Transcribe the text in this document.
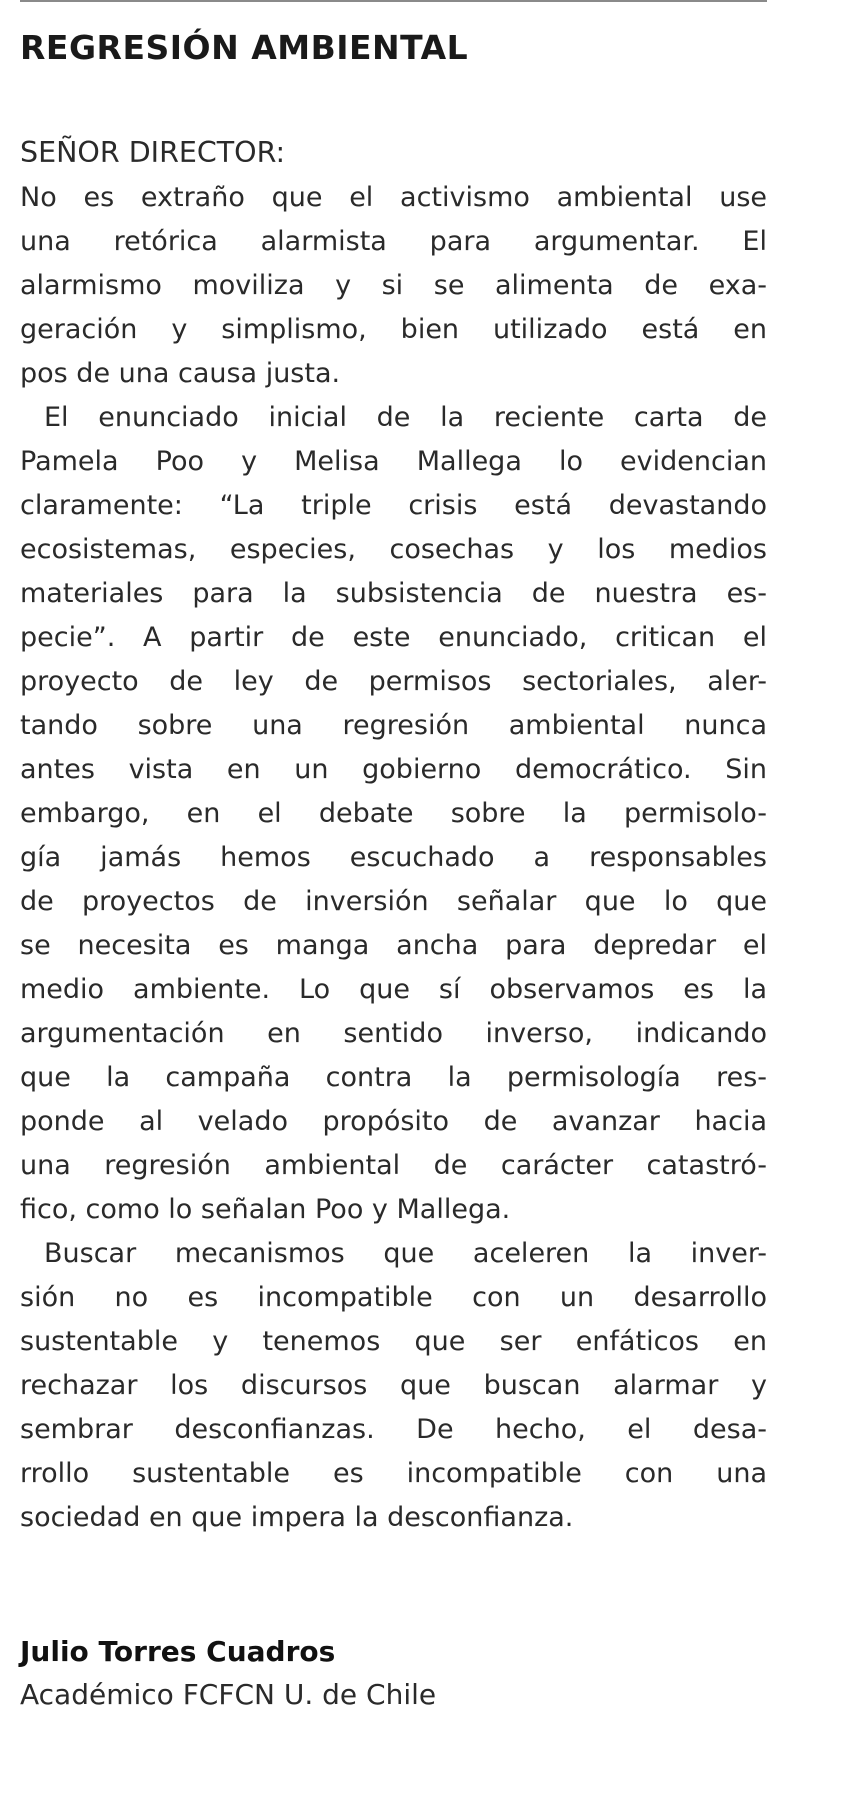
REGRESIÓN AMBIENTAL
SEÑOR DIRECTOR:
No es extraño que el activismo ambiental use
una retórica alarmista para argumentar. El
alarmismo moviliza y si se alimenta de exa-
geración y simplismo, bien utilizado está en
pos de una causa justa.
El enunciado inicial de la reciente carta de
Pamela Poo y Melisa Mallega lo evidencian
claramente: “La triple crisis está devastando
ecosistemas, especies, cosechas y los medios
materiales para la subsistencia de nuestra es-
pecie”. A partir de este enunciado, critican el
proyecto de ley de permisos sectoriales, aler-
tando sobre una regresión ambiental nunca
antes vista en un gobierno democrático. Sin
embargo, en el debate sobre la permisolo-
gía jamás hemos escuchado a responsables
de proyectos de inversión señalar que lo que
se necesita es manga ancha para depredar el
medio ambiente. Lo que sí observamos es la
argumentación en sentido inverso, indicando
que la campaña contra la permisología res-
ponde al velado propósito de avanzar hacia
una regresión ambiental de carácter catastró-
fico, como lo señalan Poo y Mallega.
Buscar mecanismos que aceleren la inver-
sión no es incompatible con un desarrollo
sustentable y tenemos que ser enfáticos en
rechazar los discursos que buscan alarmar y
sembrar desconfianzas. De hecho, el desa-
rrollo sustentable es incompatible con una
sociedad en que impera la desconfianza.
Julio Torres Cuadros
Académico FCFCN U. de Chile
